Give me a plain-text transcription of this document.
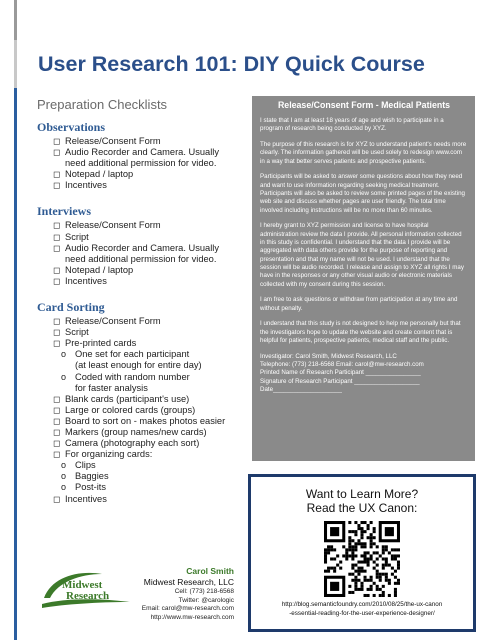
User Research 101: DIY Quick Course
Preparation Checklists
Observations
◻ Release/Consent Form
◻ Audio Recorder and Camera. Usually
need additional permission for video.
◻ Notepad / laptop
◻ Incentives
Interviews
◻ Release/Consent Form
◻ Script
◻ Audio Recorder and Camera. Usually
need additional permission for video.
◻ Notepad / laptop
◻ Incentives
Card Sorting
◻ Release/Consent Form
◻ Script
◻ Pre-printed cards
o One set for each participant
(at least enough for entire day)
o Coded with random number
for faster analysis
◻ Blank cards (participant's use)
◻ Large or colored cards (groups)
◻ Board to sort on - makes photos easier
◻ Markers (group names/new cards)
◻ Camera (photography each sort)
◻ For organizing cards:
o Clips
o Baggies
o Post-its
◻ Incentives
Release/Consent Form - Medical Patients

I state that I am at least 18 years of age and wish to participate in a program of research being conducted by XYZ.

The purpose of this research is for XYZ to understand patient's needs more clearly. The information gathered will be used solely to redesign www.com in a way that better serves patients and prospective patients.

Participants will be asked to answer some questions about how they need and want to use information regarding seeking medical treatment. Participants will also be asked to review some printed pages of the existing web site and discuss whether pages are user friendly. The total time involved including instructions will be no more than 60 minutes.

I hereby grant to XYZ permission and license to have hospital administration review the data I provide. All personal information collected in this study is confidential. I understand that the data I provide will be aggregated with data others provide for the purpose of reporting and presentation and that my name will not be used. I understand that the session will be audio recorded. I release and assign to XYZ all rights I may have in the responses or any other visual audio or electronic materials collected with my consent during this session.

I am free to ask questions or withdraw from participation at any time and without penalty.

I understand that this study is not designed to help me personally but that the investigators hope to update the website and create content that is helpful for patients, prospective patients, medical staff and the public.

Investigator: Carol Smith, Midwest Research, LLC

Telephone: (773) 218-6568 Email: carol@mw-research.com

Printed Name of Research Participant ________________

Signature of Research Participant ___________________

Date____________________

Want to Learn More?
Read the UX Canon:
http://blog.semanticfoundry.com/2010/08/25/the-ux-canon
-essential-reading-for-the-user-experience-designer/
Midwest
Research
Carol Smith
Midwest Research, LLC
Cell: (773) 218-6568
Twitter: @carologic
Email: carol@mw-research.com
http://www.mw-research.com
